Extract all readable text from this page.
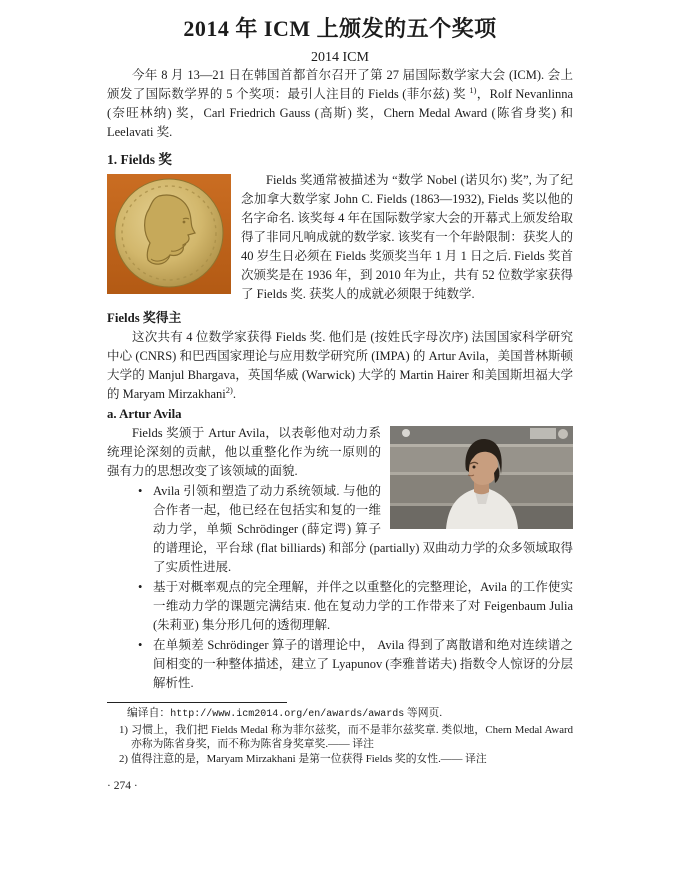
2014 年 ICM 上颁发的五个奖项
2014 ICM

今年 8 月 13—21 日在韩国首都首尔召开了第 27 届国际数学家大会 (ICM). 会上颁发了国际数学界的 5 个奖项：最引人注目的 Fields (菲尔兹) 奖 $^{1)}$，Rolf Nevanlinna (奈旺林纳) 奖，Carl Friedrich Gauss (高斯) 奖，Chern Medal Award (陈省身奖) 和 Leelavati 奖.

1. Fields 奖

Fields 奖通常被描述为 “数学 Nobel (诺贝尔) 奖”, 为了纪念加拿大数学家 John C. Fields (1863—1932), Fields 奖以他的名字命名. 该奖每 4 年在国际数学家大会的开幕式上颁发给取得了非同凡响成就的数学家. 该奖有一个年龄限制：获奖人的 40 岁生日必须在 Fields 奖颁奖当年 1 月 1 日之后. Fields 奖首次颁奖是在 1936 年，到 2010 年为止，共有 52 位数学家获得了 Fields 奖. 获奖人的成就必须限于纯数学.

Fields 奖得主

这次共有 4 位数学家获得 Fields 奖. 他们是 (按姓氏字母次序) 法国国家科学研究中心 (CNRS) 和巴西国家理论与应用数学研究所 (IMPA) 的 Artur Avila，美国普林斯顿大学的 Manjul Bhargava，英国华威 (Warwick) 大学的 Martin Hairer 和美国斯坦福大学的 Maryam Mirzakhani$^{2)}$.

a. Artur Avila

Fields 奖颁于 Artur Avila，以表彰他对动力系统理论深刻的贡献，他以重整化作为统一原则的强有力的思想改变了该领域的面貌.

• Avila 引领和塑造了动力系统领域. 与他的合作者一起，他已经在包括实和复的一维动力学，单频 Schrödinger (薛定谔) 算子的谱理论，平台球 (flat billiards) 和部分 (partially) 双曲动力学的众多领域取得了实质性进展.
• 基于对概率观点的完全理解，并伴之以重整化的完整理论，Avila 的工作使实一维动力学的课题完满结束. 他在复动力学的工作带来了对 Feigenbaum Julia (朱莉亚) 集分形几何的透彻理解.
• 在单频差 Schrödinger 算子的谱理论中， Avila 得到了离散谱和绝对连续谱之间相变的一种整体描述，建立了 Lyapunov (李雅普诺夫) 指数令人惊讶的分层解析性.
编译自：http://www.icm2014.org/en/awards/awards 等网页.
1) 习惯上，我们把 Fields Medal 称为菲尔兹奖，而不是菲尔兹奖章. 类似地，Chern Medal Award 亦称为陈省身奖，而不称为陈省身奖章奖.—— 译注
2) 值得注意的是，Maryam Mirzakhani 是第一位获得 Fields 奖的女性.—— 译注
· 274 ·
